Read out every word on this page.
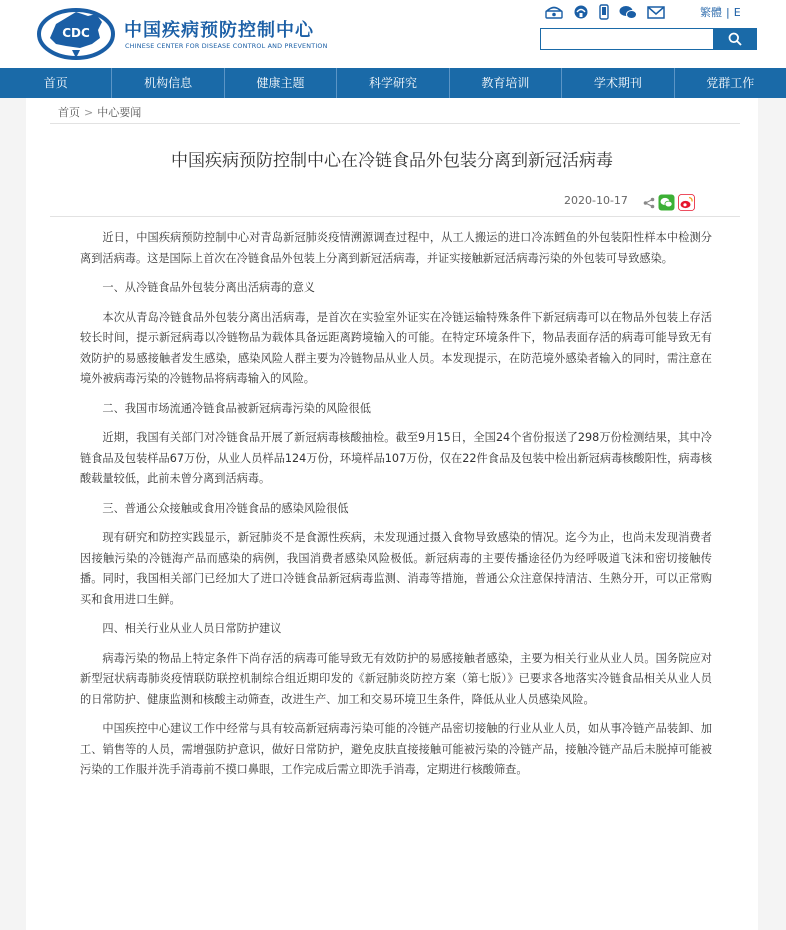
CDC 中国疾病预防控制中心
CHINESE CENTER FOR DISEASE CONTROL AND PREVENTION
繁體 | E
首页	机构信息	健康主题	科学研究	教育培训	学术期刊	党群工作
首页 > 中心要闻
中国疾病预防控制中心在冷链食品外包装分离到新冠活病毒
2020-10-17

近日，中国疾病预防控制中心对青岛新冠肺炎疫情溯源调查过程中，从工人搬运的进口冷冻鳕鱼的外包装阳性样本中检测分离到活病毒。这是国际上首次在冷链食品外包装上分离到新冠活病毒，并证实接触新冠活病毒污染的外包装可导致感染。

一、从冷链食品外包装分离出活病毒的意义

本次从青岛冷链食品外包装分离出活病毒，是首次在实验室外证实在冷链运输特殊条件下新冠病毒可以在物品外包装上存活较长时间，提示新冠病毒以冷链物品为载体具备远距离跨境输入的可能。在特定环境条件下，物品表面存活的病毒可能导致无有效防护的易感接触者发生感染，感染风险人群主要为冷链物品从业人员。本发现提示，在防范境外感染者输入的同时，需注意在境外被病毒污染的冷链物品将病毒输入的风险。

二、我国市场流通冷链食品被新冠病毒污染的风险很低

近期，我国有关部门对冷链食品开展了新冠病毒核酸抽检。截至9月15日，全国24个省份报送了298万份检测结果，其中冷链食品及包装样品67万份，从业人员样品124万份，环境样品107万份，仅在22件食品及包装中检出新冠病毒核酸阳性，病毒核酸载量较低，此前未曾分离到活病毒。

三、普通公众接触或食用冷链食品的感染风险很低

现有研究和防控实践显示，新冠肺炎不是食源性疾病，未发现通过摄入食物导致感染的情况。迄今为止，也尚未发现消费者因接触污染的冷链海产品而感染的病例，我国消费者感染风险极低。新冠病毒的主要传播途径仍为经呼吸道飞沫和密切接触传播。同时，我国相关部门已经加大了进口冷链食品新冠病毒监测、消毒等措施，普通公众注意保持清洁、生熟分开，可以正常购买和食用进口生鲜。

四、相关行业从业人员日常防护建议

病毒污染的物品上特定条件下尚存活的病毒可能导致无有效防护的易感接触者感染，主要为相关行业从业人员。国务院应对新型冠状病毒肺炎疫情联防联控机制综合组近期印发的《新冠肺炎防控方案（第七版）》已要求各地落实冷链食品相关从业人员的日常防护、健康监测和核酸主动筛查，改进生产、加工和交易环境卫生条件，降低从业人员感染风险。

中国疾控中心建议工作中经常与具有较高新冠病毒污染可能的冷链产品密切接触的行业从业人员，如从事冷链产品装卸、加工、销售等的人员，需增强防护意识，做好日常防护，避免皮肤直接接触可能被污染的冷链产品，接触冷链产品后未脱掉可能被污染的工作服并洗手消毒前不摸口鼻眼，工作完成后需立即洗手消毒，定期进行核酸筛查。
